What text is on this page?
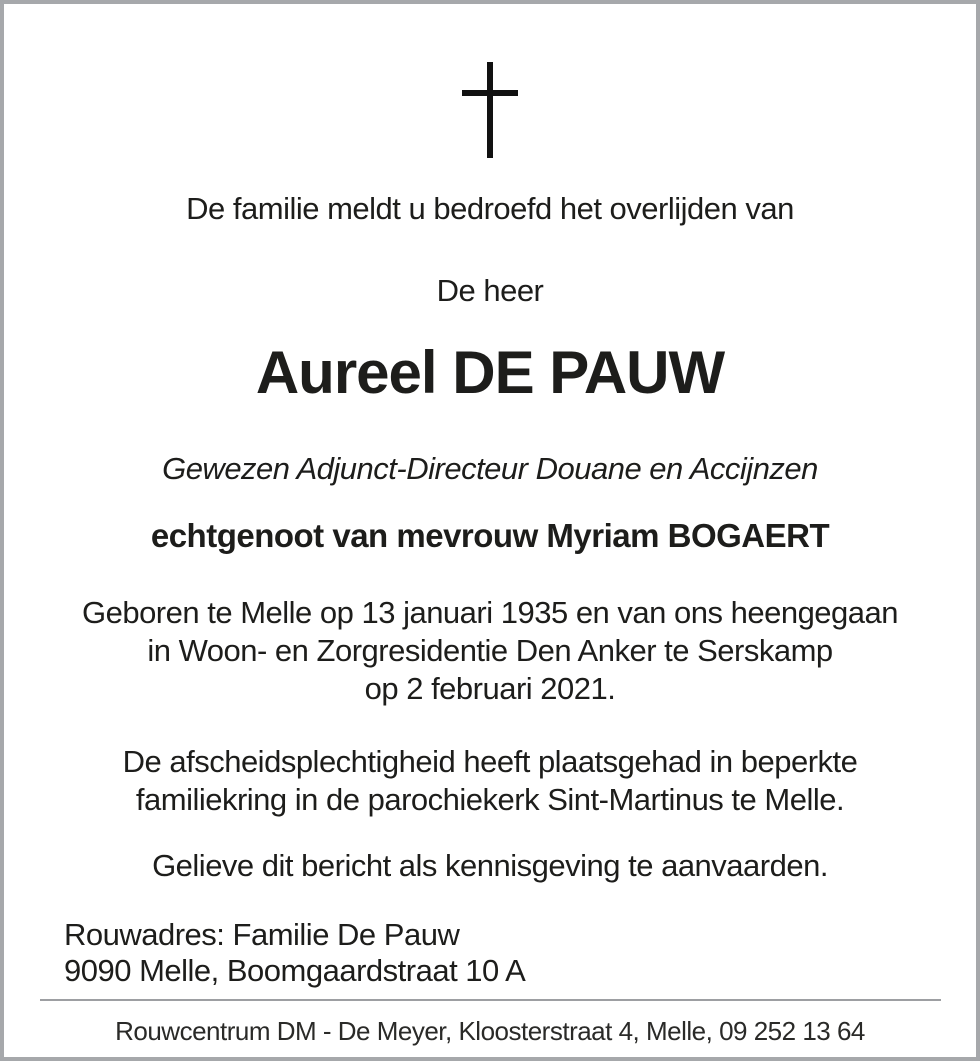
De familie meldt u bedroefd het overlijden van
De heer
Aureel DE PAUW
Gewezen Adjunct-Directeur Douane en Accijnzen
echtgenoot van mevrouw Myriam BOGAERT
Geboren te Melle op 13 januari 1935 en van ons heengegaan
in Woon- en Zorgresidentie Den Anker te Serskamp
op 2 februari 2021.
De afscheidsplechtigheid heeft plaatsgehad in beperkte
familiekring in de parochiekerk Sint-Martinus te Melle.
Gelieve dit bericht als kennisgeving te aanvaarden.
Rouwadres: Familie De Pauw
9090 Melle, Boomgaardstraat 10 A
Rouwcentrum DM - De Meyer, Kloosterstraat 4, Melle, 09 252 13 64
